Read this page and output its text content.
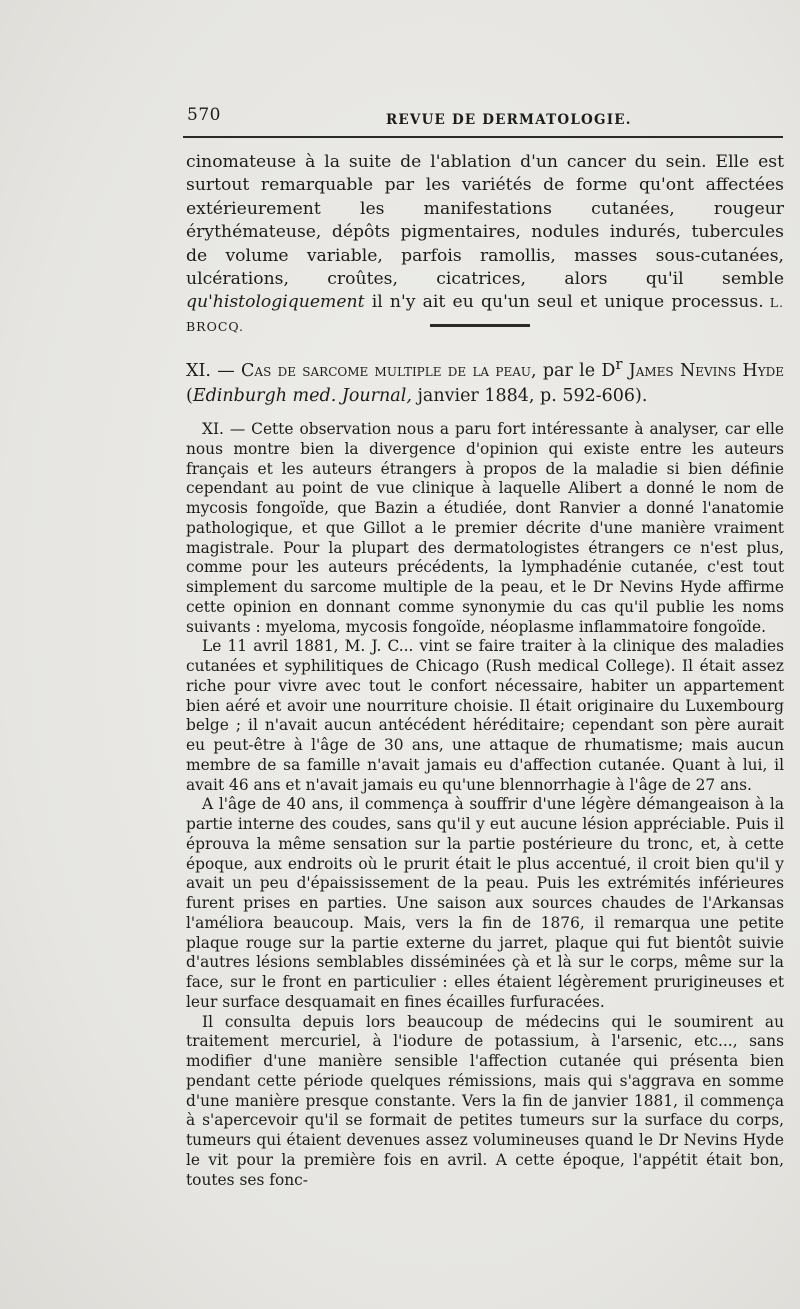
570	REVUE DE DERMATOLOGIE.

cinomateuse à la suite de l'ablation d'un cancer du sein. Elle est surtout remarquable par les variétés de forme qu'ont affectées extérieurement les manifestations cutanées, rougeur érythémateuse, dépôts pigmentaires, nodules indurés, tubercules de volume variable, parfois ramollis, masses sous-cutanées, ulcérations, croûtes, cicatrices, alors qu'il semble qu'histologiquement il n'y ait eu qu'un seul et unique processus. L. BROCQ.

XI. — Cas de sarcome multiple de la peau, par le $D^r$ James Nevins Hyde (Edinburgh med. Journal, janvier 1884, p. 592-606).

XI. — Cette observation nous a paru fort intéressante à analyser, car elle nous montre bien la divergence d'opinion qui existe entre les auteurs français et les auteurs étrangers à propos de la maladie si bien définie cependant au point de vue clinique à laquelle Alibert a donné le nom de mycosis fongoïde, que Bazin a étudiée, dont Ranvier a donné l'anatomie pathologique, et que Gillot a le premier décrite d'une manière vraiment magistrale. Pour la plupart des dermatologistes étrangers ce n'est plus, comme pour les auteurs précédents, la lymphadénie cutanée, c'est tout simplement du sarcome multiple de la peau, et le Dr Nevins Hyde affirme cette opinion en donnant comme synonymie du cas qu'il publie les noms suivants : myeloma, mycosis fongoïde, néoplasme inflammatoire fongoïde.

Le 11 avril 1881, M. J. C... vint se faire traiter à la clinique des maladies cutanées et syphilitiques de Chicago (Rush medical College). Il était assez riche pour vivre avec tout le confort nécessaire, habiter un appartement bien aéré et avoir une nourriture choisie. Il était originaire du Luxembourg belge ; il n'avait aucun antécédent héréditaire; cependant son père aurait eu peut-être à l'âge de 30 ans, une attaque de rhumatisme; mais aucun membre de sa famille n'avait jamais eu d'affection cutanée. Quant à lui, il avait 46 ans et n'avait jamais eu qu'une blennorrhagie à l'âge de 27 ans.

A l'âge de 40 ans, il commença à souffrir d'une légère démangeaison à la partie interne des coudes, sans qu'il y eut aucune lésion appréciable. Puis il éprouva la même sensation sur la partie postérieure du tronc, et, à cette époque, aux endroits où le prurit était le plus accentué, il croit bien qu'il y avait un peu d'épaississement de la peau. Puis les extrémités inférieures furent prises en parties. Une saison aux sources chaudes de l'Arkansas l'améliora beaucoup. Mais, vers la fin de 1876, il remarqua une petite plaque rouge sur la partie externe du jarret, plaque qui fut bientôt suivie d'autres lésions semblables disséminées çà et là sur le corps, même sur la face, sur le front en particulier : elles étaient légèrement prurigineuses et leur surface desquamait en fines écailles furfuracées.

Il consulta depuis lors beaucoup de médecins qui le soumirent au traitement mercuriel, à l'iodure de potassium, à l'arsenic, etc..., sans modifier d'une manière sensible l'affection cutanée qui présenta bien pendant cette période quelques rémissions, mais qui s'aggrava en somme d'une manière presque constante. Vers la fin de janvier 1881, il commença à s'apercevoir qu'il se formait de petites tumeurs sur la surface du corps, tumeurs qui étaient devenues assez volumineuses quand le Dr Nevins Hyde le vit pour la première fois en avril. A cette époque, l'appétit était bon, toutes ses fonc-
